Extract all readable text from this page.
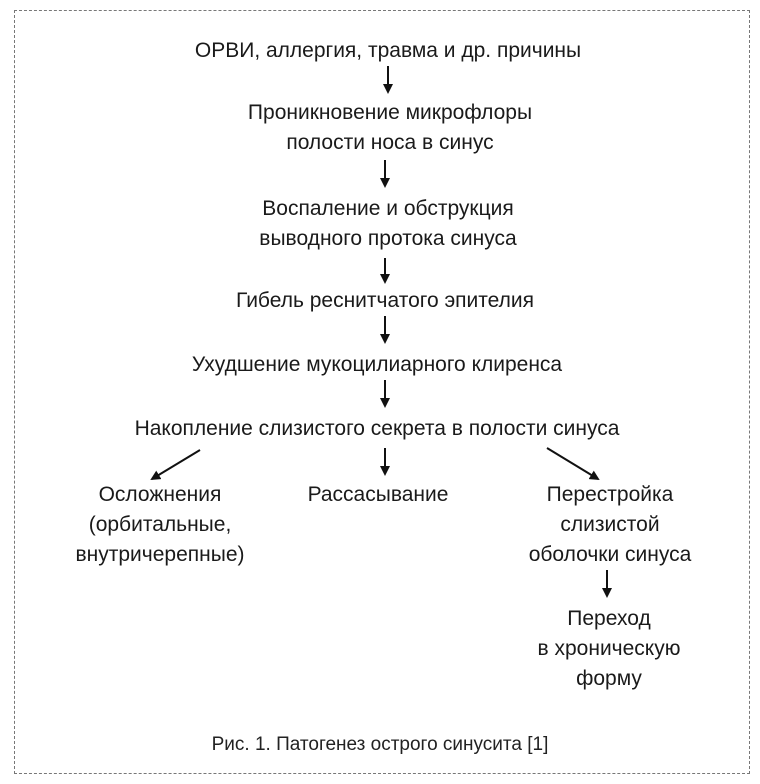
ОРВИ, аллергия, травма и др. причины
Проникновение микрофлоры
полости носа в синус
Воспаление и обструкция
выводного протока синуса
Гибель реснитчатого эпителия
Ухудшение мукоцилиарного клиренса
Накопление слизистого секрета в полости синуса
Осложнения
(орбитальные,
внутричерепные)
Рассасывание	Перестройка
слизистой
оболочки синуса
Переход
в хроническую
форму
Рис. 1. Патогенез острого синусита [1]
